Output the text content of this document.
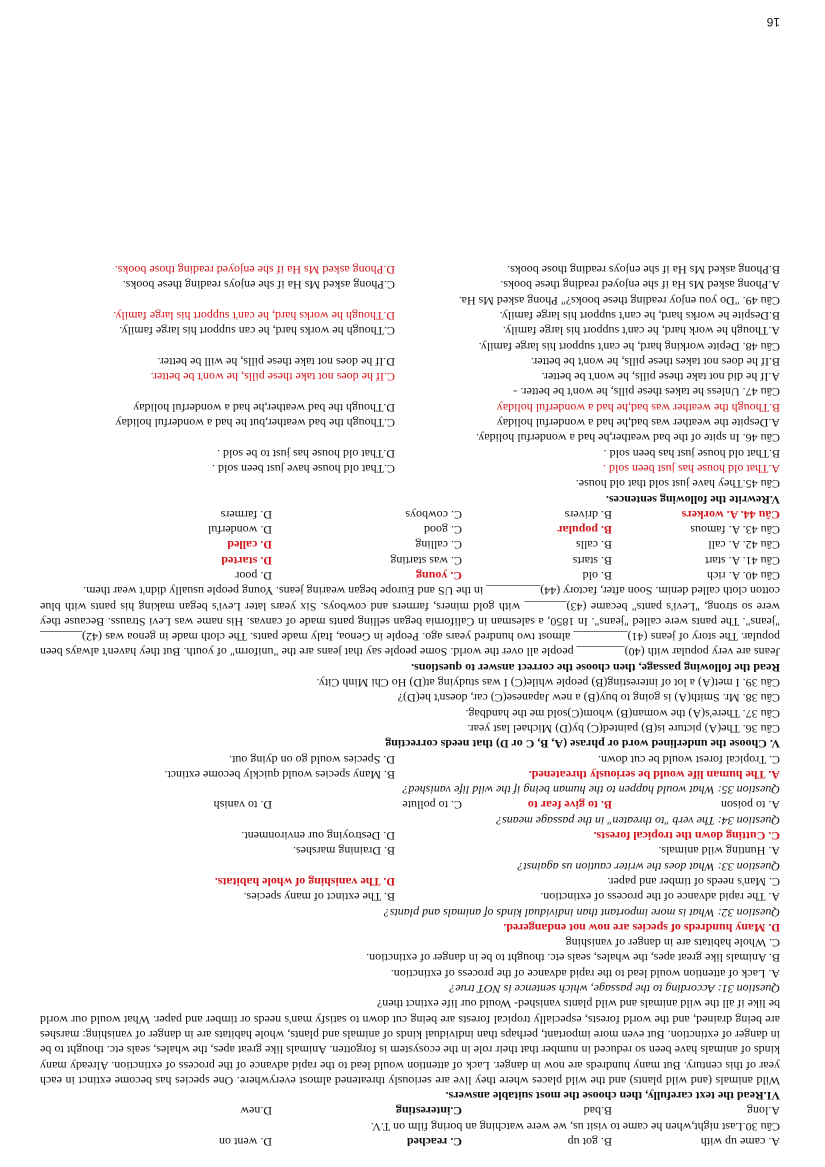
A. came up with
B. got up
C. reached
D. went on
Câu 30.Last night,when he came to visit us, we were watching an boring film on T.V.
A.long
B.bad
C.interesting
D.new
VI.Read the text carefully, then choose the most suitable answers.
Wild animals (and wild plants) and the wild places where they live are seriously threatened almost everywhere. One species has become extinct in each year of this century. But many hundreds are now in danger. Lack of attention would lead to the rapid advance of the process of extinction. Already many kinds of animals have been so reduced in number that their role in the ecosystem is forgotten. Animals like great apes, the whales, seals etc. thought to be in danger of extinction. But even more important, perhaps than individual kinds of animals and plants, whole habitats are in danger of vanishing: marshes are being drained, and the world forests, especially tropical forests are being cut down to satisfy man's needs or timber and paper. What would our world be like if all the wild animals and wild plants vanished- Would our life extinct then?
Question 31: According to the passage, which sentence is NOT true?
A. Lack of attention would lead to the rapid advance of the process of extinction.
B. Animals like great apes, the whales, seals etc. thought to be in danger of extinction.
C. Whole habitats are in danger of vanishing
D. Many hundreds of species are now not endangered.
Question 32: What is more important than individual kinds of animals and plants?
A. The rapid advance of the process of extinction.
B. The extinct of many species.
C. Man's needs of timber and paper.
D. The vanishing of whole habitats.
Question 33: What does the writer caution us against?
A. Hunting wild animals.
B. Draining marshes.
C. Cutting down the tropical forests.
D. Destroying our environment.
Question 34: The verb "to threaten" in the passage means?
A. to poison
B. to give fear to
C. to pollute
D. to vanish
Question 35: What would happen to the human being if the wild life vanished?
A. The human life would be seriously threatened.
B. Many species would quickly become extinct.
C. Tropical forest would be cut down.
D. Species would go on dying out.
V. Choose the underlined word or phrase (A, B, C or D) that needs correcting
Câu 36. The(A) picture is(B) painted(C) by(D) Michael last year.
Câu 37. There's(A) the woman(B) whom(C)sold me the handbag.
Câu 38. Mr. Smith(A) is going to buy(B) a new Japanese(C) car, doesn't he(D)?
Câu 39. I met(A) a lot of interesting(B) people while(C) I was studying at(D) Ho Chi Minh City.
Read the following passage, then choose the correct answer to questions.
Jeans are very popular with (40)________ people all over the world. Some people say that jeans are the "uniform" of youth. But they haven't always been popular. The story of jeans (41)_________ almost two hundred years ago. People in Genoa, Italy made pants. The cloth made in genoa was (42)_______ "jeans". The pants were called "jeans". In 1850, a salesman in California began selling pants made of canvas. His name was Levi Strauss. Because they were so strong, "Levi's pants" became (43)_______ with gold miners, farmers and cowboys. Six years later Levi's began making his pants with blue cotton cloth called denim. Soon after, factory (44)_________ in the US and Europe began wearing jeans. Young people usually didn't wear them.
Câu 40. A. rich
B. old
C. young
D. poor
Câu 41. A. start
B. starts
C. was starting
D. started
Câu 42. A. call
B. calls
C. calling
D. called
Câu 43. A. famous
B. popular
C. good
D. wonderful
Câu 44. A. workers
B. drivers
C. cowboys
D. farmers
V.Rewrite the following sentences.
Câu 45.They have just sold that old house.
A.That old house has just been sold .
C.That old house have just been sold .
B.That old house just has been sold .
D.That old house has just to be sold .
Câu 46. In spite of the bad weather,he had a wonderful holiday.
A.Despite the weather was bad,he had a wonderful holiday
C.Though the bad weather,but he had a wonderful holiday
B.Though the weather was bad,he had a wonderful holiday
D.Though the bad weather,he had a wonderful holiday
Câu 47. Unless he takes these pills, he won't be better. -
A.If he did not take these pills, he won't be better.
C.If he does not take these pills, he won't be better.
B.If he does not takes these pills, he won't be better.
D.If he does not take these pills, he will be better.
Câu 48. Depite working hard, he can't support his large family.
A.Though he work hard, he can't support his large family.
C.Though he works hard, he can support his large family.
B.Despite he works hard, he can't support his large family.
D.Though he works hard, he can't support his large family.
Câu 49. "Do you enjoy reading these books?" Phong asked Ms Ha.
A.Phong asked Ms Ha if she enjoyed reading these books.
C.Phong asked Ms Ha if she enjoys reading these books.
B.Phong asked Ms Ha if she enjoys reading those books.
D.Phong asked Ms Ha if she enjoyed reading those books.
16
